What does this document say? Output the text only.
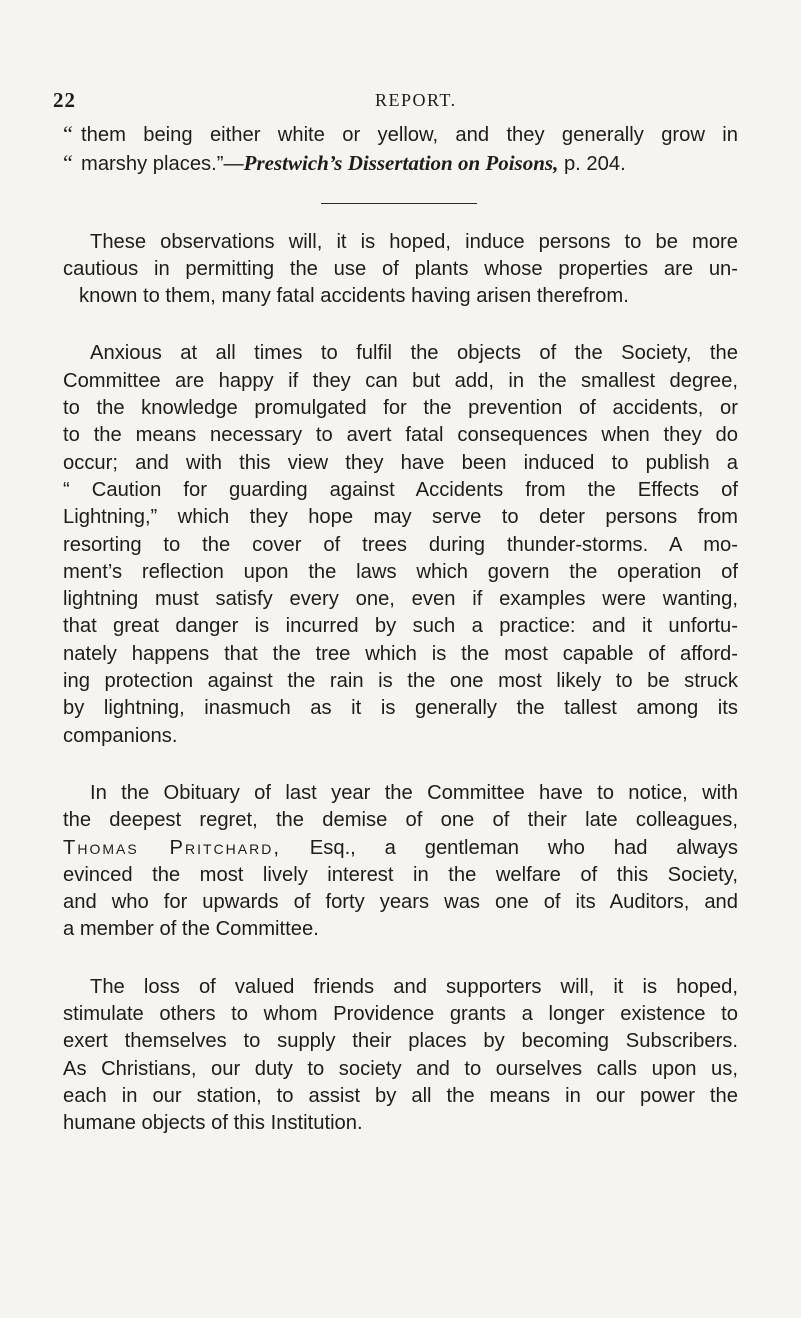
22	REPORT.
“ them being either white or yellow, and they generally grow in
“ marshy places.”—Prestwich’s Dissertation on Poisons, p. 204.
These observations will, it is hoped, induce persons to be more
cautious in permitting the use of plants whose properties are un-
known to them, many fatal accidents having arisen therefrom.
Anxious at all times to fulfil the objects of the Society, the
Committee are happy if they can but add, in the smallest degree,
to the knowledge promulgated for the prevention of accidents, or
to the means necessary to avert fatal consequences when they do
occur; and with this view they have been induced to publish a
“ Caution for guarding against Accidents from the Effects of
Lightning,” which they hope may serve to deter persons from
resorting to the cover of trees during thunder-storms. A mo-
ment’s reflection upon the laws which govern the operation of
lightning must satisfy every one, even if examples were wanting,
that great danger is incurred by such a practice: and it unfortu-
nately happens that the tree which is the most capable of afford-
ing protection against the rain is the one most likely to be struck
by lightning, inasmuch as it is generally the tallest among its
companions.
In the Obituary of last year the Committee have to notice, with
the deepest regret, the demise of one of their late colleagues,
Thomas Pritchard, Esq., a gentleman who had always
evinced the most lively interest in the welfare of this Society,
and who for upwards of forty years was one of its Auditors, and
a member of the Committee.
The loss of valued friends and supporters will, it is hoped,
stimulate others to whom Providence grants a longer existence to
exert themselves to supply their places by becoming Subscribers.
As Christians, our duty to society and to ourselves calls upon us,
each in our station, to assist by all the means in our power the
humane objects of this Institution.
